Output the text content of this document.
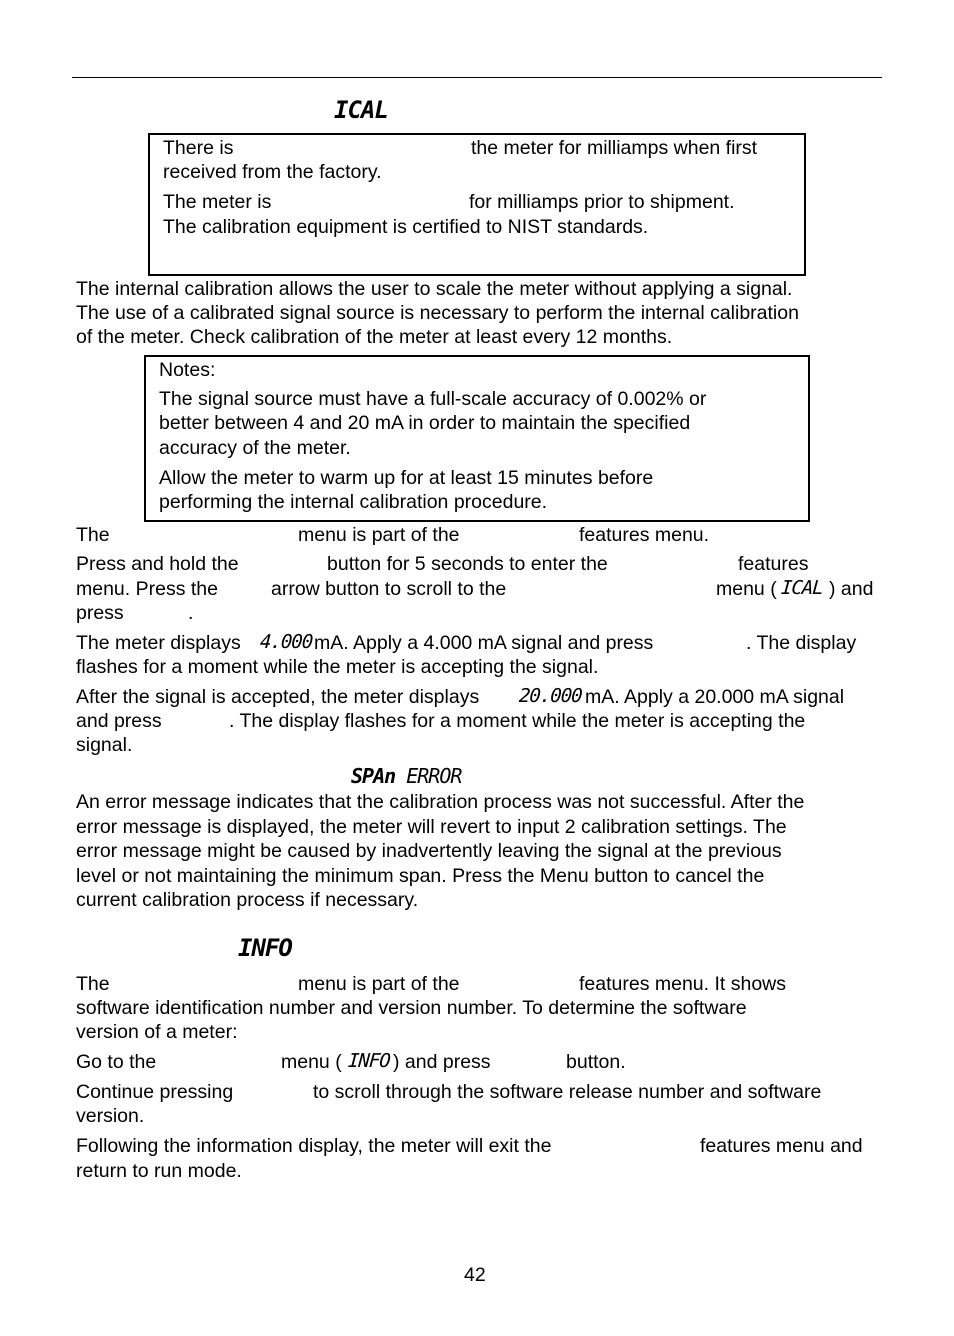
ICAL
There is	the meter for milliamps when first
received from the factory.
The meter is	for milliamps prior to shipment.
The calibration equipment is certified to NIST standards.
The internal calibration allows the user to scale the meter without applying a signal.
The use of a calibrated signal source is necessary to perform the internal calibration
of the meter. Check calibration of the meter at least every 12 months.
Notes:
The signal source must have a full-scale accuracy of 0.002% or
better between 4 and 20 mA in order to maintain the specified
accuracy of the meter.
Allow the meter to warm up for at least 15 minutes before
performing the internal calibration procedure.
The	menu is part of the	features menu.
Press and hold the	button for 5 seconds to enter the	features
menu. Press the	arrow button to scroll to the	menu ( ICAL ) and
press	.
The meter displays 4.000 mA. Apply a 4.000 mA signal and press	. The display
flashes for a moment while the meter is accepting the signal.
After the signal is accepted, the meter displays 20.000 mA. Apply a 20.000 mA signal
and press	. The display flashes for a moment while the meter is accepting the
signal.
SPAn ERROR
An error message indicates that the calibration process was not successful. After the
error message is displayed, the meter will revert to input 2 calibration settings. The
error message might be caused by inadvertently leaving the signal at the previous
level or not maintaining the minimum span. Press the Menu button to cancel the
current calibration process if necessary.
INFO
The	menu is part of the	features menu. It shows
software identification number and version number. To determine the software
version of a meter:
Go to the	menu ( INFO ) and press	button.
Continue pressing	to scroll through the software release number and software
version.
Following the information display, the meter will exit the	features menu and
return to run mode.
42
